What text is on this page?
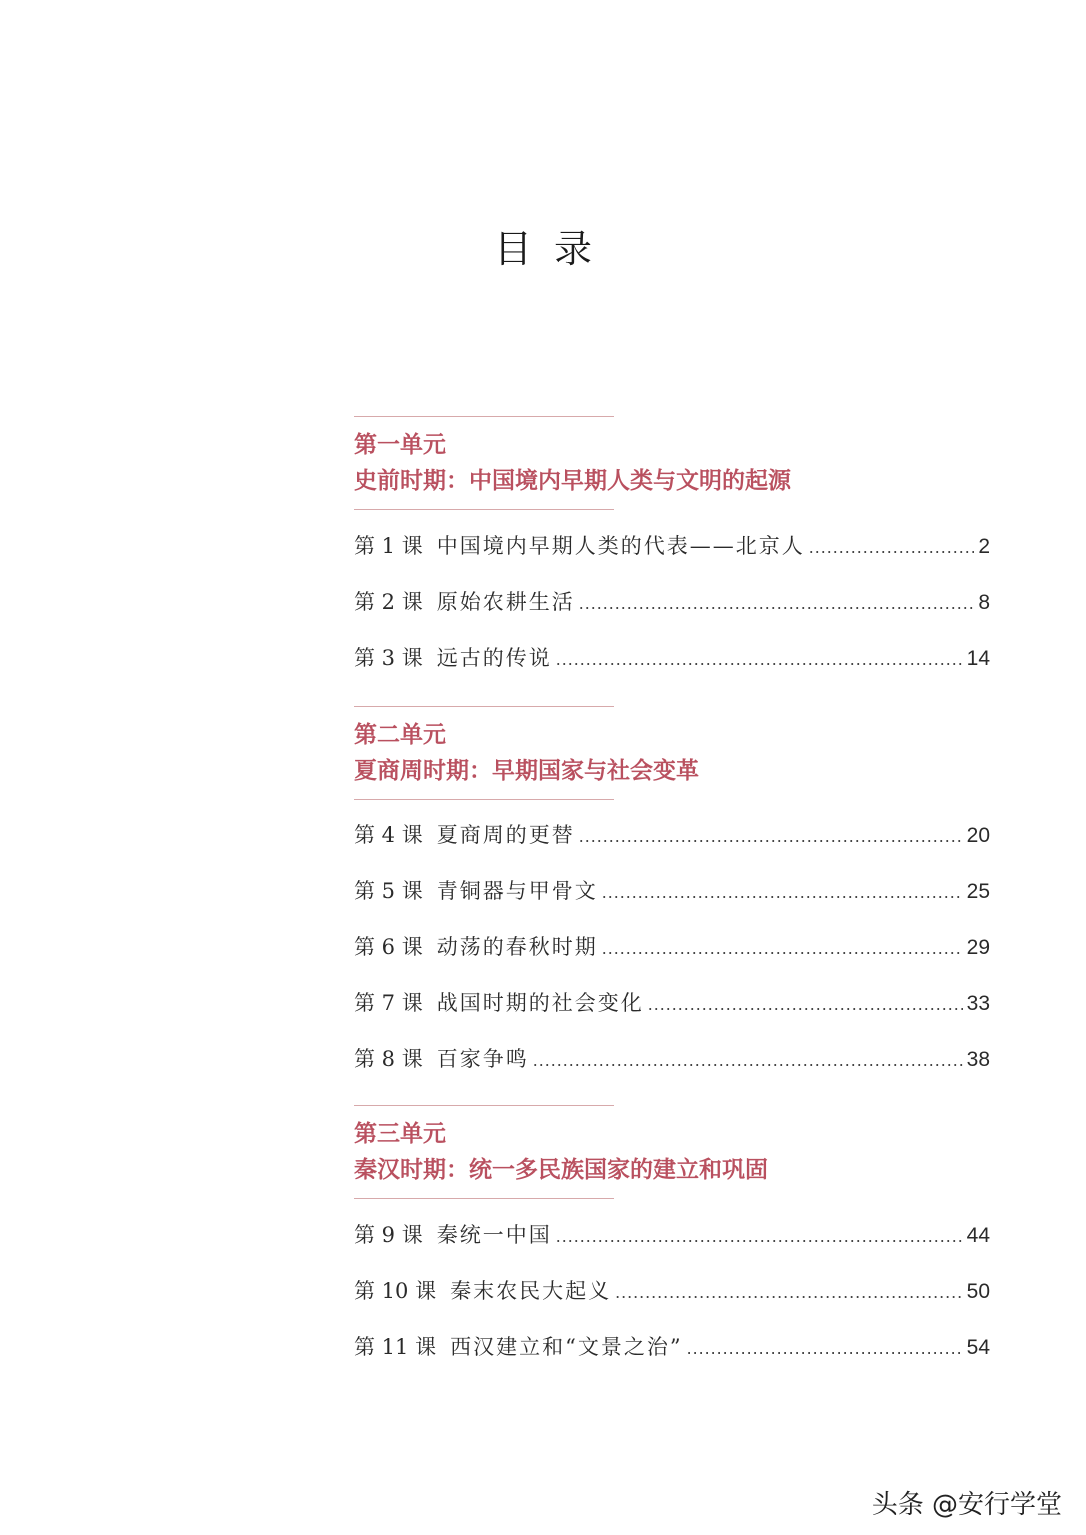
目录
第一单元
史前时期：中国境内早期人类与文明的起源
第 1 课 中国境内早期人类的代表——北京人 .....	2
第 2 课 原始农耕生活 .....	8
第 3 课 远古的传说 .....	14
第二单元
夏商周时期：早期国家与社会变革
第 4 课 夏商周的更替 .....	20
第 5 课 青铜器与甲骨文 .....	25
第 6 课 动荡的春秋时期 .....	29
第 7 课 战国时期的社会变化 .....	33
第 8 课 百家争鸣 .....	38
第三单元
秦汉时期：统一多民族国家的建立和巩固
第 9 课 秦统一中国 .....	44
第 10 课 秦末农民大起义 .....	50
第 11 课 西汉建立和“文景之治” .....	54
头条 @安行学堂
